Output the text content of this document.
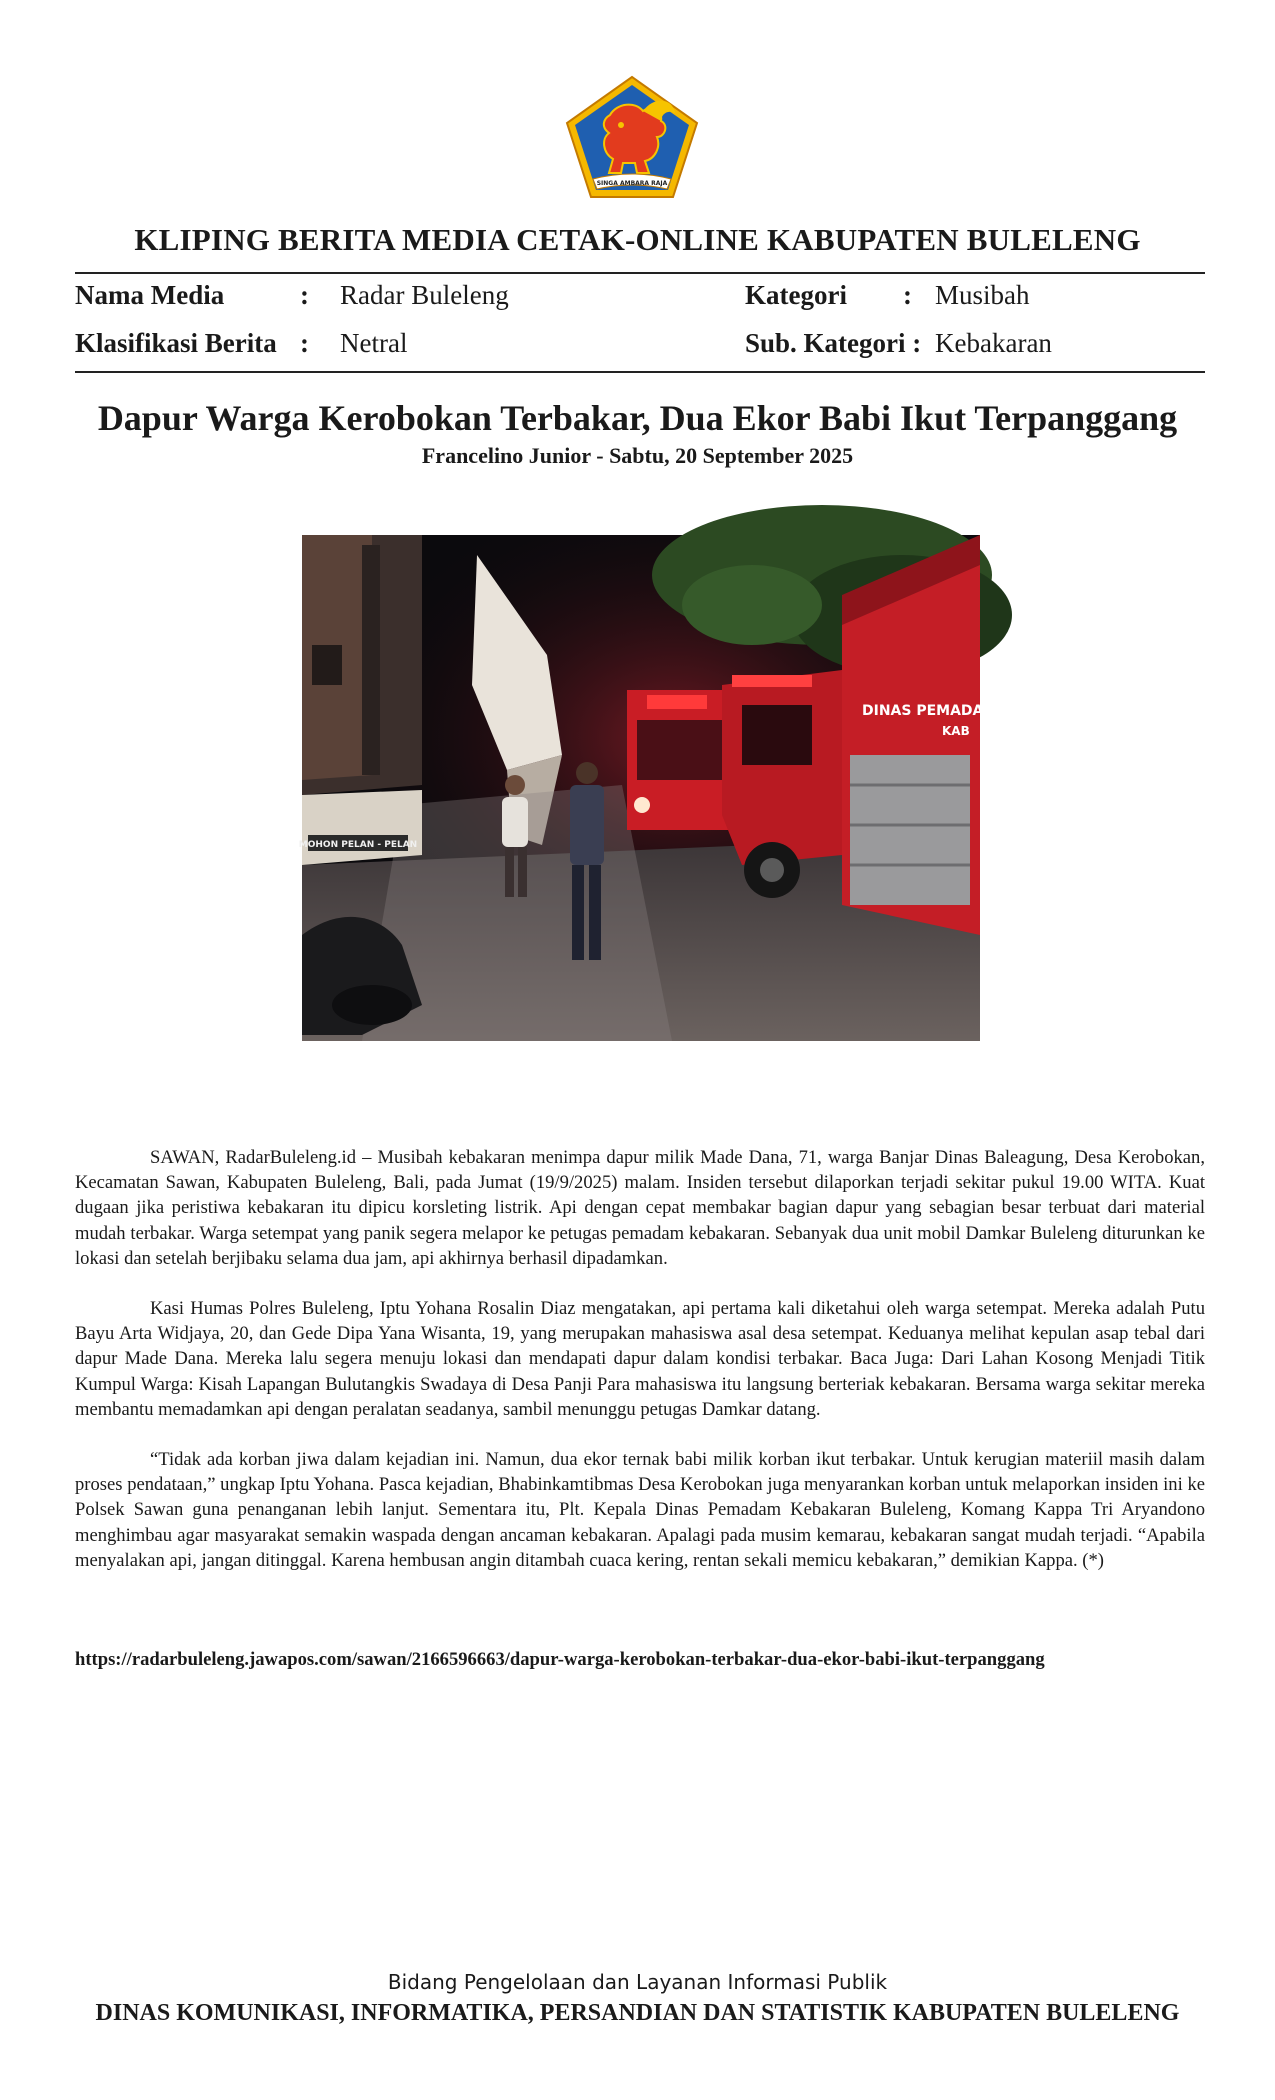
SINGA AMBARA RAJA
KLIPING BERITA MEDIA CETAK-ONLINE KABUPATEN BULELENG
Nama Media	: Radar Buleleng
Klasifikasi Berita : Netral
Kategori : Musibah
Sub. Kategori : Kebakaran
Dapur Warga Kerobokan Terbakar, Dua Ekor Babi Ikut Terpanggang
Francelino Junior - Sabtu, 20 September 2025
MOHON PELAN - PELAN
DINAS PEMADAM
KAB

SAWAN, RadarBuleleng.id – Musibah kebakaran menimpa dapur milik Made Dana, 71, warga Banjar Dinas Baleagung, Desa Kerobokan, Kecamatan Sawan, Kabupaten Buleleng, Bali, pada Jumat (19/9/2025) malam. Insiden tersebut dilaporkan terjadi sekitar pukul 19.00 WITA. Kuat dugaan jika peristiwa kebakaran itu dipicu korsleting listrik. Api dengan cepat membakar bagian dapur yang sebagian besar terbuat dari material mudah terbakar. Warga setempat yang panik segera melapor ke petugas pemadam kebakaran. Sebanyak dua unit mobil Damkar Buleleng diturunkan ke lokasi dan setelah berjibaku selama dua jam, api akhirnya berhasil dipadamkan.

Kasi Humas Polres Buleleng, Iptu Yohana Rosalin Diaz mengatakan, api pertama kali diketahui oleh warga setempat. Mereka adalah Putu Bayu Arta Widjaya, 20, dan Gede Dipa Yana Wisanta, 19, yang merupakan mahasiswa asal desa setempat. Keduanya melihat kepulan asap tebal dari dapur Made Dana. Mereka lalu segera menuju lokasi dan mendapati dapur dalam kondisi terbakar. Baca Juga: Dari Lahan Kosong Menjadi Titik Kumpul Warga: Kisah Lapangan Bulutangkis Swadaya di Desa Panji Para mahasiswa itu langsung berteriak kebakaran. Bersama warga sekitar mereka membantu memadamkan api dengan peralatan seadanya, sambil menunggu petugas Damkar datang.

“Tidak ada korban jiwa dalam kejadian ini. Namun, dua ekor ternak babi milik korban ikut terbakar. Untuk kerugian materiil masih dalam proses pendataan,” ungkap Iptu Yohana. Pasca kejadian, Bhabinkamtibmas Desa Kerobokan juga menyarankan korban untuk melaporkan insiden ini ke Polsek Sawan guna penanganan lebih lanjut. Sementara itu, Plt. Kepala Dinas Pemadam Kebakaran Buleleng, Komang Kappa Tri Aryandono menghimbau agar masyarakat semakin waspada dengan ancaman kebakaran. Apalagi pada musim kemarau, kebakaran sangat mudah terjadi. “Apabila menyalakan api, jangan ditinggal. Karena hembusan angin ditambah cuaca kering, rentan sekali memicu kebakaran,” demikian Kappa. (*)

https://radarbuleleng.jawapos.com/sawan/2166596663/dapur-warga-kerobokan-terbakar-dua-ekor-babi-ikut-terpanggang
Bidang Pengelolaan dan Layanan Informasi Publik
DINAS KOMUNIKASI, INFORMATIKA, PERSANDIAN DAN STATISTIK KABUPATEN BULELENG
